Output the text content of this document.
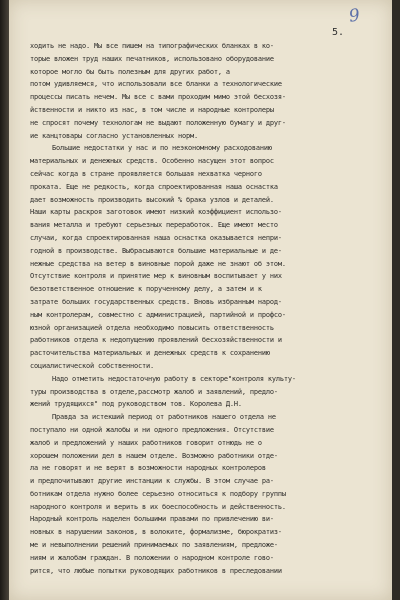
9
5.
ходить не надо. Мы все пишем на типографических бланках в ко-
торые вложен труд наших печатников, использовано оборудование
которое могло бы быть полезным для других работ, а
потом удивляемся, что использовали все бланки а технологические
процессы писать нечем. Мы все с вами проходим мимо этой бесхозя-
йственности и никто из нас, в том числе и народные контролеры
не спросят почему технологам не выдают положенную бумагу и друг-
ие канцтовары согласно установленных норм.
Большие недостатки у нас и по неэкономному расходованию
материальных и денежных средств. Особенно насущен этот вопрос
сейчас когда в стране проявляется большая нехватка черного
проката. Еще не редкость, когда спроектированная наша оснастка
дает возможность производить высокий % брака узлов и деталей.
Наши карты раскроя заготовок имеют низкий коэффициент использо-
вания металла и требуют серьезных переработок. Еще имеют место
случаи, когда спроектированная наша оснастка оказывается непри-
годной в производстве. Выбрасываются большие материальные и де-
нежные средства на ветер в виновные порой даже не знают об этом.
Отсутствие контроля и принятие мер к виновным воспитывает у них
безответственное отношение к порученному делу, а затем и к
затрате больших государственных средств. Вновь избранным народ-
ным контролерам, совместно с администрацией, партийной и профсо-
юзной организацией отдела необходимо повысить ответственность
работников отдела к недопущению проявлений бесхозяйственности и
расточительства материальных и денежных средств к сохранению
социалистической собственности.
Надо отметить недостаточную работу в секторе"контроля культу-
туры производства в отделе,рассмотр жалоб и заявлений, предло-
жений трудящихся" под руководством тов. Королева Д.Н.
Правда за истекший период от работников нашего отдела не
поступало ни одной жалобы и ни одного предложения. Отсутствие
жалоб и предложений у наших работников говорит отнюдь не о
хорошем положении дел в нашем отделе. Возможно работники отде-
ла не говорят и не верят в возможности народных контролеров
и предпочитывают другие инстанции к службы. В этом случае ра-
ботникам отдела нужно более серьезно относиться к подбору группы
народного контроля и верить в их боеспособность и действенность.
Народный контроль наделен большими правами по привлечению ви-
новных в нарушении законов, в волоките, формализме, бюрократиз-
ме и невыполнении решений принимаемых по заявлениям, предложе-
ниям и жалобам граждан. В положении о народном контроле гово-
рится, что любые попытки руководящих работников в преследовании
